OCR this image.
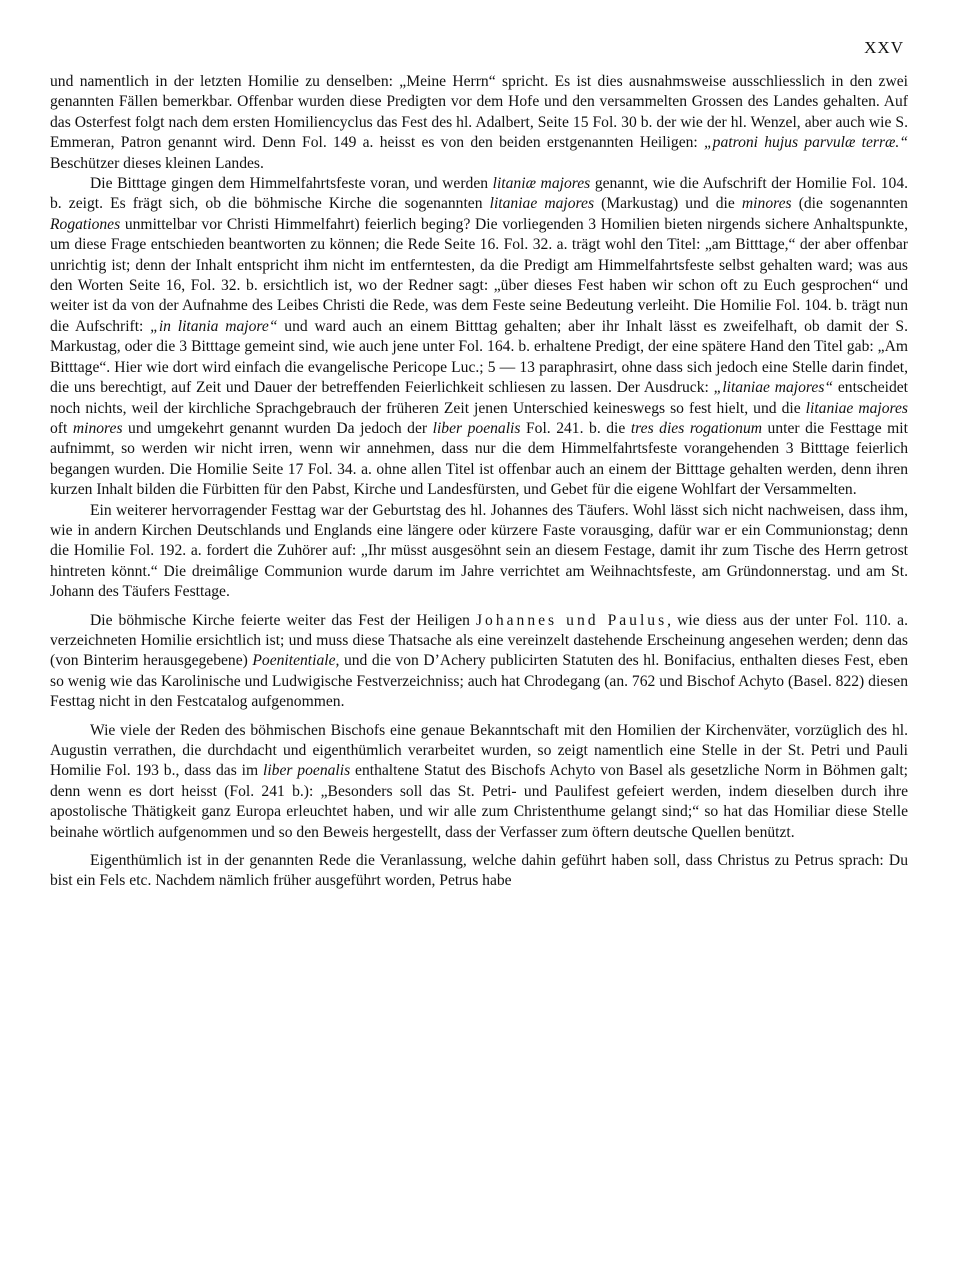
XXV

und namentlich in der letzten Homilie zu denselben: „Meine Herrn“ spricht. Es ist dies ausnahmsweise ausschliesslich in den zwei genannten Fällen bemerkbar. Offenbar wurden diese Predigten vor dem Hofe und den versammelten Grossen des Landes gehalten. Auf das Osterfest folgt nach dem ersten Homiliencyclus das Fest des hl. Adalbert, Seite 15 Fol. 30 b. der wie der hl. Wenzel, aber auch wie S. Emmeran, Patron genannt wird. Denn Fol. 149 a. heisst es von den beiden erstgenannten Heiligen: „patroni hujus parvulæ terræ.“ Beschützer dieses kleinen Landes.

Die Bitttage gingen dem Himmelfahrtsfeste voran, und werden litaniæ majores genannt, wie die Aufschrift der Homilie Fol. 104. b. zeigt. Es frägt sich, ob die böhmische Kirche die sogenannten litaniae majores (Markustag) und die minores (die sogenannten Rogationes unmittelbar vor Christi Himmelfahrt) feierlich beging? Die vorliegenden 3 Homilien bieten nirgends sichere Anhaltspunkte, um diese Frage entschieden beantworten zu können; die Rede Seite 16. Fol. 32. a. trägt wohl den Titel: „am Bitttage,“ der aber offenbar unrichtig ist; denn der Inhalt entspricht ihm nicht im entferntesten, da die Predigt am Himmelfahrtsfeste selbst gehalten ward; was aus den Worten Seite 16, Fol. 32. b. ersichtlich ist, wo der Redner sagt: „über dieses Fest haben wir schon oft zu Euch gesprochen“ und weiter ist da von der Aufnahme des Leibes Christi die Rede, was dem Feste seine Bedeutung verleiht. Die Homilie Fol. 104. b. trägt nun die Aufschrift: „in litania majore“ und ward auch an einem Bitttag gehalten; aber ihr Inhalt lässt es zweifelhaft, ob damit der S. Markustag, oder die 3 Bitttage gemeint sind, wie auch jene unter Fol. 164. b. erhaltene Predigt, der eine spätere Hand den Titel gab: „Am Bitttage“. Hier wie dort wird einfach die evangelische Pericope Luc.; 5 — 13 paraphrasirt, ohne dass sich jedoch eine Stelle darin findet, die uns berechtigt, auf Zeit und Dauer der betreffenden Feierlichkeit schliesen zu lassen. Der Ausdruck: „litaniae majores“ entscheidet noch nichts, weil der kirchliche Sprachgebrauch der früheren Zeit jenen Unterschied keineswegs so fest hielt, und die litaniae majores oft minores und umgekehrt genannt wurden Da jedoch der liber poenalis Fol. 241. b. die tres dies rogationum unter die Festtage mit aufnimmt, so werden wir nicht irren, wenn wir annehmen, dass nur die dem Himmelfahrtsfeste vorangehenden 3 Bitttage feierlich begangen wurden. Die Homilie Seite 17 Fol. 34. a. ohne allen Titel ist offenbar auch an einem der Bitttage gehalten werden, denn ihren kurzen Inhalt bilden die Fürbitten für den Pabst, Kirche und Landesfürsten, und Gebet für die eigene Wohlfart der Versammelten.

Ein weiterer hervorragender Festtag war der Geburtstag des hl. Johannes des Täufers. Wohl lässt sich nicht nachweisen, dass ihm, wie in andern Kirchen Deutschlands und Englands eine längere oder kürzere Faste vorausging, dafür war er ein Communionstag; denn die Homilie Fol. 192. a. fordert die Zuhörer auf: „Ihr müsst ausgesöhnt sein an diesem Festage, damit ihr zum Tische des Herrn getrost hintreten könnt.“ Die dreimâlige Communion wurde darum im Jahre verrichtet am Weihnachtsfeste, am Gründonnerstag. und am St. Johann des Täufers Festtage.

Die böhmische Kirche feierte weiter das Fest der Heiligen Johannes und Paulus, wie diess aus der unter Fol. 110. a. verzeichneten Homilie ersichtlich ist; und muss diese Thatsache als eine vereinzelt dastehende Erscheinung angesehen werden; denn das (von Binterim herausgegebene) Poenitentiale, und die von D’Achery publicirten Statuten des hl. Bonifacius, enthalten dieses Fest, eben so wenig wie das Karolinische und Ludwigische Festverzeichniss; auch hat Chrodegang (an. 762 und Bischof Achyto (Basel. 822) diesen Festtag nicht in den Festcatalog aufgenommen.

Wie viele der Reden des böhmischen Bischofs eine genaue Bekanntschaft mit den Homilien der Kirchenväter, vorzüglich des hl. Augustin verrathen, die durchdacht und eigenthümlich verarbeitet wurden, so zeigt namentlich eine Stelle in der St. Petri und Pauli Homilie Fol. 193 b., dass das im liber poenalis enthaltene Statut des Bischofs Achyto von Basel als gesetzliche Norm in Böhmen galt; denn wenn es dort heisst (Fol. 241 b.): „Besonders soll das St. Petri- und Paulifest gefeiert werden, indem dieselben durch ihre apostolische Thätigkeit ganz Europa erleuchtet haben, und wir alle zum Christenthume gelangt sind;“ so hat das Homiliar diese Stelle beinahe wörtlich aufgenommen und so den Beweis hergestellt, dass der Verfasser zum öftern deutsche Quellen benützt.

Eigenthümlich ist in der genannten Rede die Veranlassung, welche dahin geführt haben soll, dass Christus zu Petrus sprach: Du bist ein Fels etc. Nachdem nämlich früher ausgeführt worden, Petrus habe
